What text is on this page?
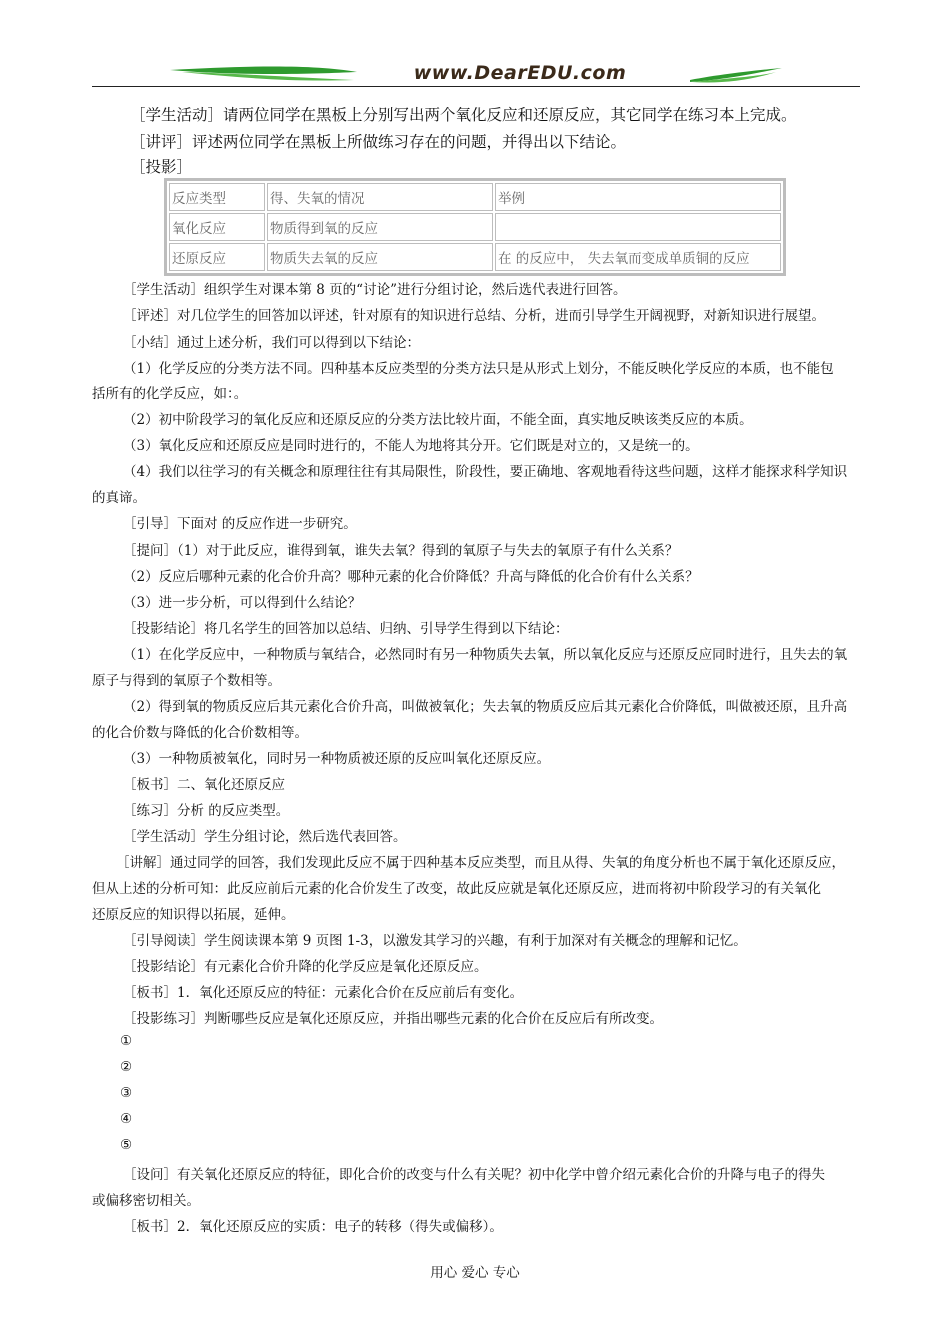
www.DearEDU.com
［学生活动］请两位同学在黑板上分别写出两个氧化反应和还原反应，其它同学在练习本上完成。
［讲评］评述两位同学在黑板上所做练习存在的问题，并得出以下结论。
［投影］
反应类型	得、失氧的情况	举例
氧化反应	物质得到氧的反应	
还原反应	物质失去氧的反应	在 的反应中， 失去氧而变成单质铜的反应
［学生活动］组织学生对课本第 8 页的“讨论”进行分组讨论，然后选代表进行回答。
［评述］对几位学生的回答加以评述，针对原有的知识进行总结、分析，进而引导学生开阔视野，对新知识进行展望。
［小结］通过上述分析，我们可以得到以下结论：
（1）化学反应的分类方法不同。四种基本反应类型的分类方法只是从形式上划分，不能反映化学反应的本质，也不能包
括所有的化学反应，如：。
（2）初中阶段学习的氧化反应和还原反应的分类方法比较片面，不能全面，真实地反映该类反应的本质。
（3）氧化反应和还原反应是同时进行的，不能人为地将其分开。它们既是对立的，又是统一的。
（4）我们以往学习的有关概念和原理往往有其局限性，阶段性，要正确地、客观地看待这些问题，这样才能探求科学知识
的真谛。
［引导］下面对 的反应作进一步研究。
［提问］（1）对于此反应，谁得到氧，谁失去氧？得到的氧原子与失去的氧原子有什么关系？
（2）反应后哪种元素的化合价升高？哪种元素的化合价降低？升高与降低的化合价有什么关系？
（3）进一步分析，可以得到什么结论？
［投影结论］将几名学生的回答加以总结、归纳、引导学生得到以下结论：
（1）在化学反应中，一种物质与氧结合，必然同时有另一种物质失去氧，所以氧化反应与还原反应同时进行，且失去的氧
原子与得到的氧原子个数相等。
（2）得到氧的物质反应后其元素化合价升高，叫做被氧化；失去氧的物质反应后其元素化合价降低，叫做被还原，且升高
的化合价数与降低的化合价数相等。
（3）一种物质被氧化，同时另一种物质被还原的反应叫氧化还原反应。
［板书］二、氧化还原反应
［练习］分析 的反应类型。
［学生活动］学生分组讨论，然后选代表回答。
［讲解］通过同学的回答，我们发现此反应不属于四种基本反应类型，而且从得、失氧的角度分析也不属于氧化还原反应，
但从上述的分析可知：此反应前后元素的化合价发生了改变，故此反应就是氧化还原反应，进而将初中阶段学习的有关氧化
还原反应的知识得以拓展，延伸。
［引导阅读］学生阅读课本第 9 页图 1-3，以激发其学习的兴趣，有利于加深对有关概念的理解和记忆。
［投影结论］有元素化合价升降的化学反应是氧化还原反应。
［板书］1．氧化还原反应的特征：元素化合价在反应前后有变化。
［投影练习］判断哪些反应是氧化还原反应，并指出哪些元素的化合价在反应后有所改变。
①
②
③
④
⑤
［设问］有关氧化还原反应的特征，即化合价的改变与什么有关呢？初中化学中曾介绍元素化合价的升降与电子的得失
或偏移密切相关。
［板书］2．氧化还原反应的实质：电子的转移（得失或偏移）。
用心 爱心 专心
